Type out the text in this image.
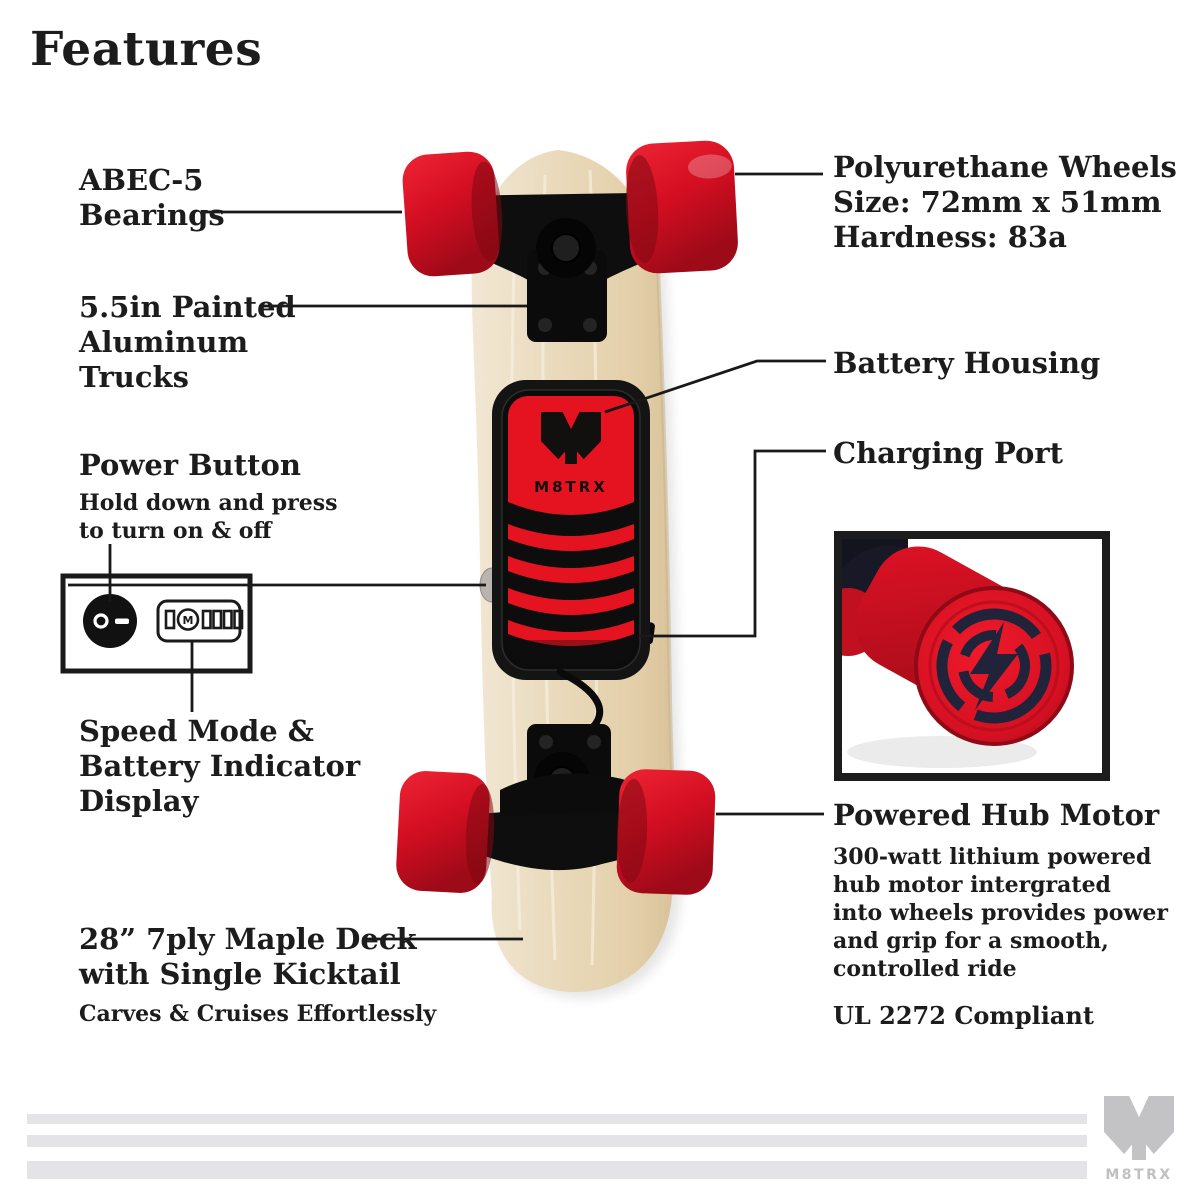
M8TRX
M
M8TRX
Features
ABEC-5
Bearings
Polyurethane Wheels
Size: 72mm x 51mm
Hardness: 83a
5.5in Painted
Aluminum
Trucks
Power Button
Hold down and press
to turn on & off
Speed Mode &
Battery Indicator
Display
28” 7ply Maple Deck
with Single Kicktail
Carves & Cruises Effortlessly
Battery Housing
Charging Port
Powered Hub Motor
300-watt lithium powered
hub motor intergrated
into wheels provides power
and grip for a smooth,
controlled ride
UL 2272 Compliant
